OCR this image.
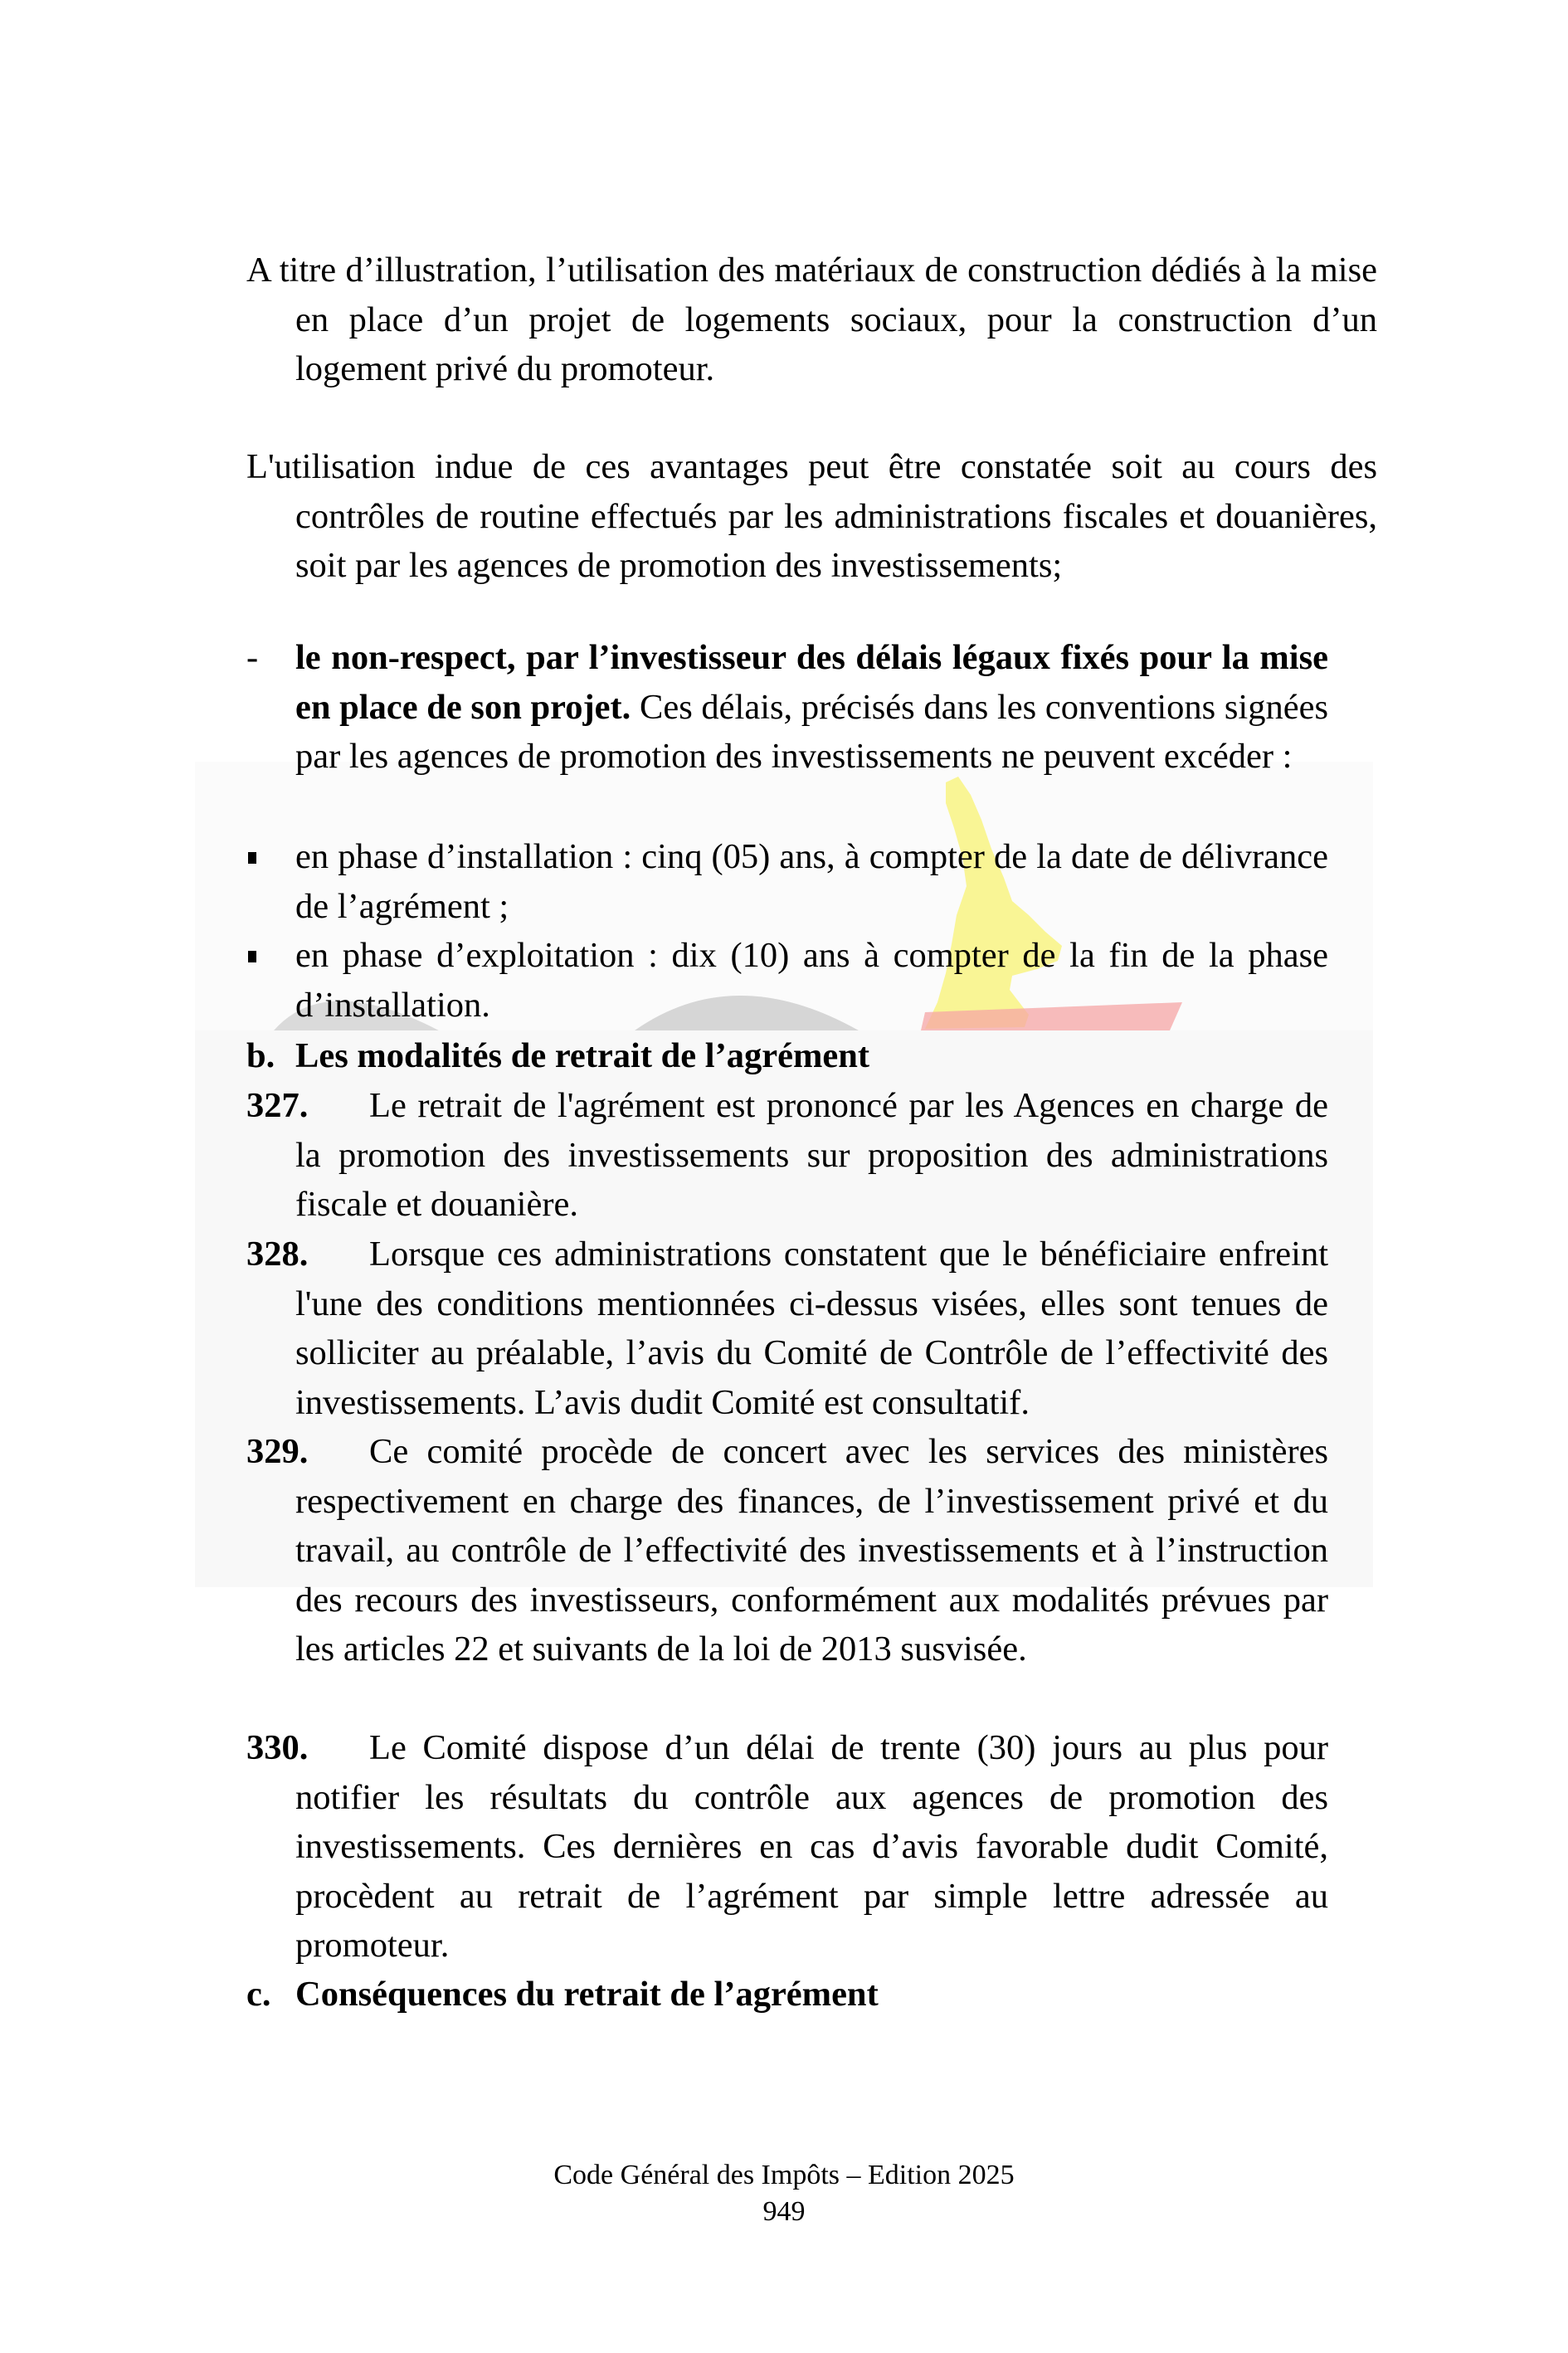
A titre d’illustration, l’utilisation des matériaux de construction dédiés à la mise en place d’un projet de logements sociaux, pour la construction d’un logement privé du promoteur.

L'utilisation indue de ces avantages peut être constatée soit au cours des contrôles de routine effectués par les administrations fiscales et douanières, soit par les agences de promotion des investissements;

-	le non-respect, par l’investisseur des délais légaux fixés pour la mise en place de son projet. Ces délais, précisés dans les conventions signées par les agences de promotion des investissements ne peuvent excéder :
en phase d’installation : cinq (05) ans, à compter de la date de délivrance de l’agrément ;
en phase d’exploitation : dix (10) ans à compter de la fin de la phase d’installation.
b. Les modalités de retrait de l’agrément
327. Le retrait de l'agrément est prononcé par les Agences en charge de la promotion des investissements sur proposition des administrations fiscale et douanière.
328. Lorsque ces administrations constatent que le bénéficiaire enfreint l'une des conditions mentionnées ci-dessus visées, elles sont tenues de solliciter au préalable, l’avis du Comité de Contrôle de l’effectivité des investissements. L’avis dudit Comité est consultatif.
329. Ce comité procède de concert avec les services des ministères respectivement en charge des finances, de l’investissement privé et du travail, au contrôle de l’effectivité des investissements et à l’instruction des recours des investisseurs, conformément aux modalités prévues par les articles 22 et suivants de la loi de 2013 susvisée.
330. Le Comité dispose d’un délai de trente (30) jours au plus pour notifier les résultats du contrôle aux agences de promotion des investissements. Ces dernières en cas d’avis favorable dudit Comité, procèdent au retrait de l’agrément par simple lettre adressée au promoteur.
c. Conséquences du retrait de l’agrément
Code Général des Impôts – Edition 2025
949
